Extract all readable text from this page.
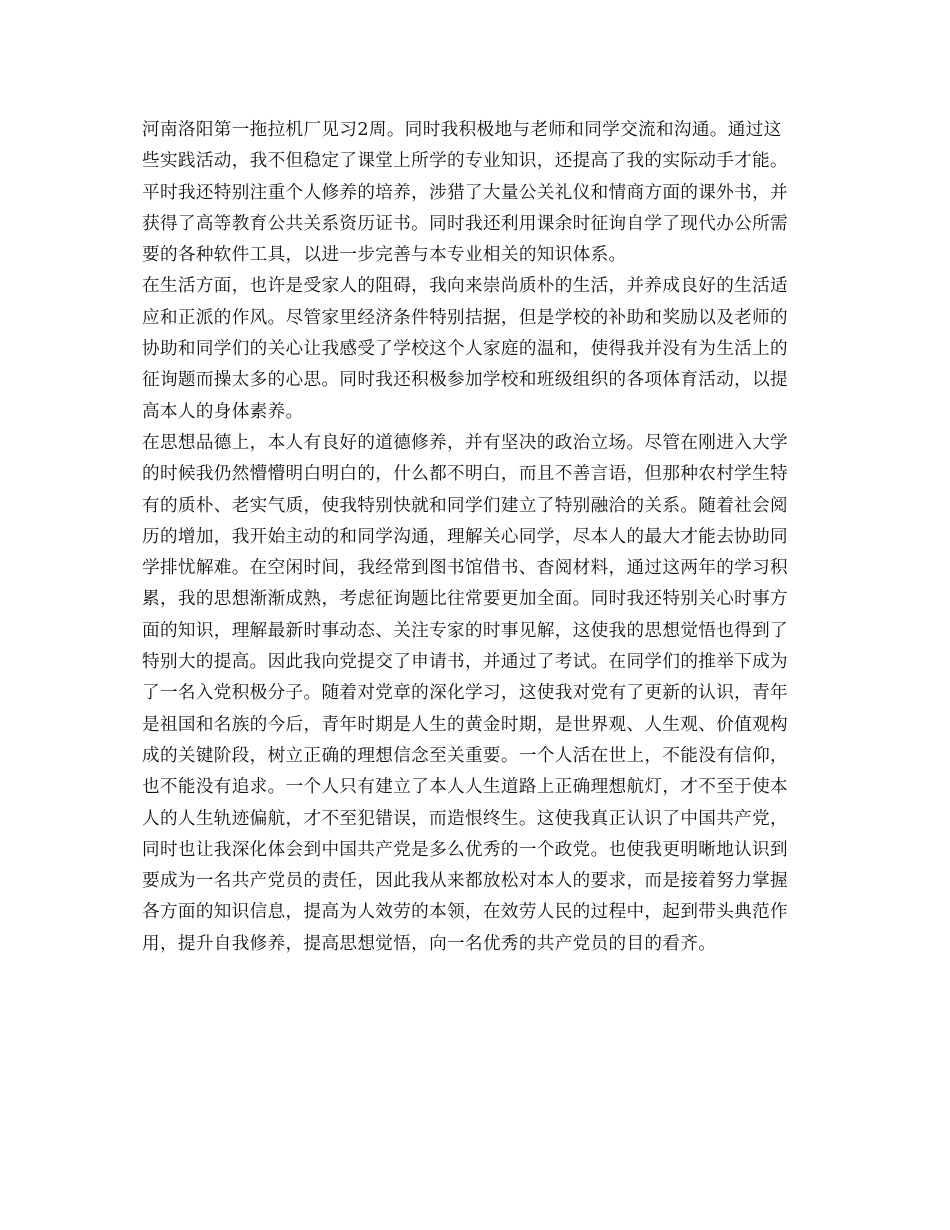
河南洛阳第一拖拉机厂见习2周。同时我积极地与老师和同学交流和沟通。通过这
些实践活动，我不但稳定了课堂上所学的专业知识，还提高了我的实际动手才能。
平时我还特别注重个人修养的培养，涉猎了大量公关礼仪和情商方面的课外书，并
获得了高等教育公共关系资历证书。同时我还利用课余时征询自学了现代办公所需
要的各种软件工具，以进一步完善与本专业相关的知识体系。
在生活方面，也许是受家人的阻碍，我向来崇尚质朴的生活，并养成良好的生活适
应和正派的作风。尽管家里经济条件特别拮据，但是学校的补助和奖励以及老师的
协助和同学们的关心让我感受了学校这个人家庭的温和，使得我并没有为生活上的
征询题而操太多的心思。同时我还积极参加学校和班级组织的各项体育活动，以提
高本人的身体素养。
在思想品德上，本人有良好的道德修养，并有坚决的政治立场。尽管在刚进入大学
的时候我仍然懵懵明白明白的，什么都不明白，而且不善言语，但那种农村学生特
有的质朴、老实气质，使我特别快就和同学们建立了特别融洽的关系。随着社会阅
历的增加，我开始主动的和同学沟通，理解关心同学，尽本人的最大才能去协助同
学排忧解难。在空闲时间，我经常到图书馆借书、杳阅材料，通过这两年的学习积
累，我的思想渐渐成熟，考虑征询题比往常要更加全面。同时我还特别关心时事方
面的知识，理解最新时事动态、关注专家的时事见解，这使我的思想觉悟也得到了
特别大的提高。因此我向党提交了申请书，并通过了考试。在同学们的推举下成为
了一名入党积极分子。随着对党章的深化学习，这使我对党有了更新的认识，青年
是祖国和名族的今后，青年时期是人生的黄金时期，是世界观、人生观、价值观构
成的关键阶段，树立正确的理想信念至关重要。一个人活在世上，不能没有信仰，
也不能没有追求。一个人只有建立了本人人生道路上正确理想航灯，才不至于使本
人的人生轨迹偏航，才不至犯错误，而造恨终生。这使我真正认识了中国共产党，
同时也让我深化体会到中国共产党是多么优秀的一个政党。也使我更明晰地认识到
要成为一名共产党员的责任，因此我从来都放松对本人的要求，而是接着努力掌握
各方面的知识信息，提高为人效劳的本领，在效劳人民的过程中，起到带头典范作
用，提升自我修养，提高思想觉悟，向一名优秀的共产党员的目的看齐。
